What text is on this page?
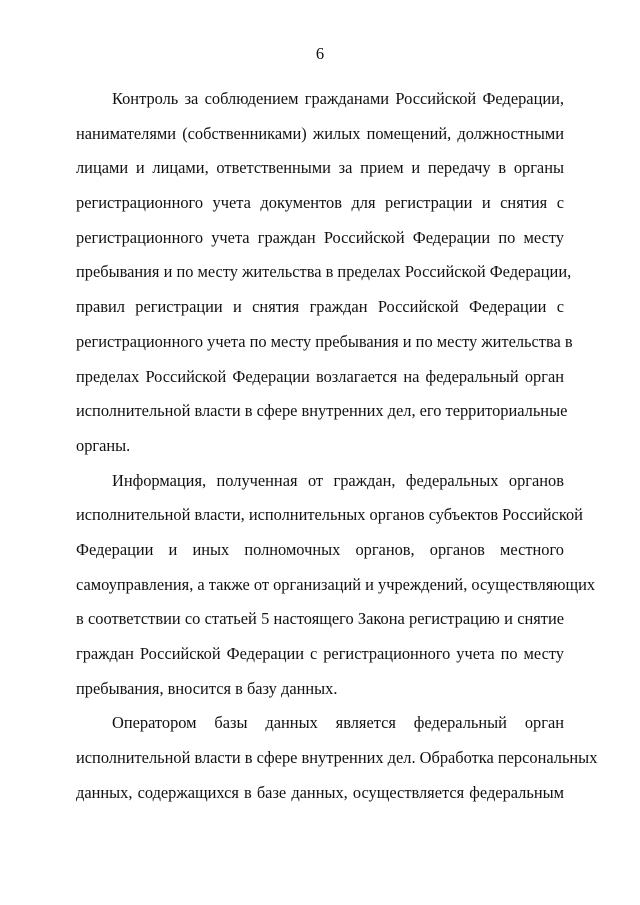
6
Контроль за соблюдением гражданами Российской Федерации,
нанимателями (собственниками) жилых помещений, должностными
лицами и лицами, ответственными за прием и передачу в органы
регистрационного учета документов для регистрации и снятия с
регистрационного учета граждан Российской Федерации по месту
пребывания и по месту жительства в пределах Российской Федерации,
правил регистрации и снятия граждан Российской Федерации с
регистрационного учета по месту пребывания и по месту жительства в
пределах Российской Федерации возлагается на федеральный орган
исполнительной власти в сфере внутренних дел, его территориальные
органы.
Информация, полученная от граждан, федеральных органов
исполнительной власти, исполнительных органов субъектов Российской
Федерации и иных полномочных органов, органов местного
самоуправления, а также от организаций и учреждений, осуществляющих
в соответствии со статьей 5 настоящего Закона регистрацию и снятие
граждан Российской Федерации с регистрационного учета по месту
пребывания, вносится в базу данных.
Оператором базы данных является федеральный орган
исполнительной власти в сфере внутренних дел. Обработка персональных
данных, содержащихся в базе данных, осуществляется федеральным
